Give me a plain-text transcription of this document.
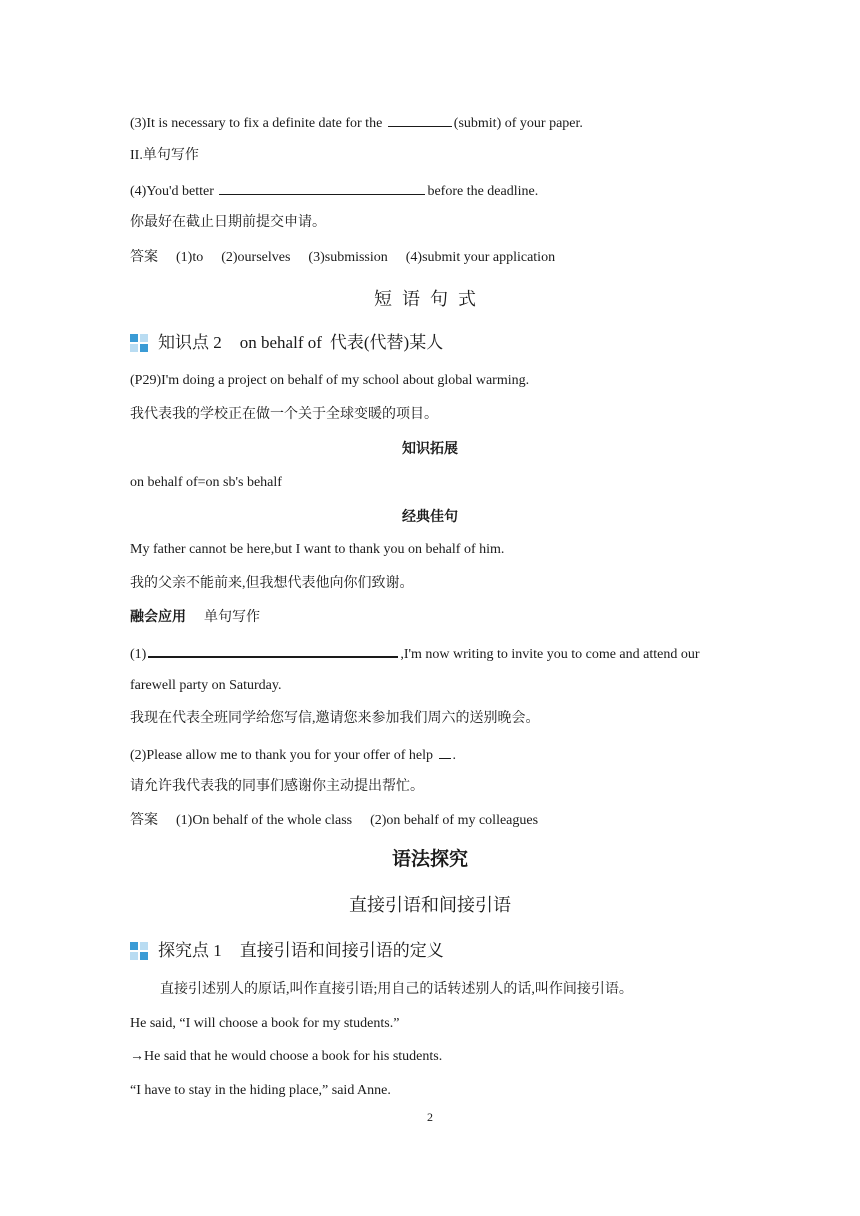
(3)It is necessary to fix a definite date for the	(submit) of your paper.
II.单句写作
(4)You'd better	before the deadline.
你最好在截止日期前提交申请。
答案 (1)to (2)ourselves (3)submission (4)submit your application
短语句式
知识点 2 on behalf of 代表(代替)某人
(P29)I'm doing a project on behalf of my school about global warming.
我代表我的学校正在做一个关于全球变暖的项目。
知识拓展
on behalf of=on sb's behalf
经典佳句
My father cannot be here,but I want to thank you on behalf of him.
我的父亲不能前来,但我想代表他向你们致谢。
融会应用 单句写作
(1)	,I'm now writing to invite you to come and attend our
farewell party on Saturday.
我现在代表全班同学给您写信,邀请您来参加我们周六的送别晚会。
(2)Please allow me to thank you for your offer of help .
请允许我代表我的同事们感谢你主动提出帮忙。
答案 (1)On behalf of the whole class (2)on behalf of my colleagues
语法探究
直接引语和间接引语
探究点 1 直接引语和间接引语的定义
直接引述别人的原话,叫作直接引语;用自己的话转述别人的话,叫作间接引语。
He said, “I will choose a book for my students.”
→He said that he would choose a book for his students.
“I have to stay in the hiding place,” said Anne.
2
